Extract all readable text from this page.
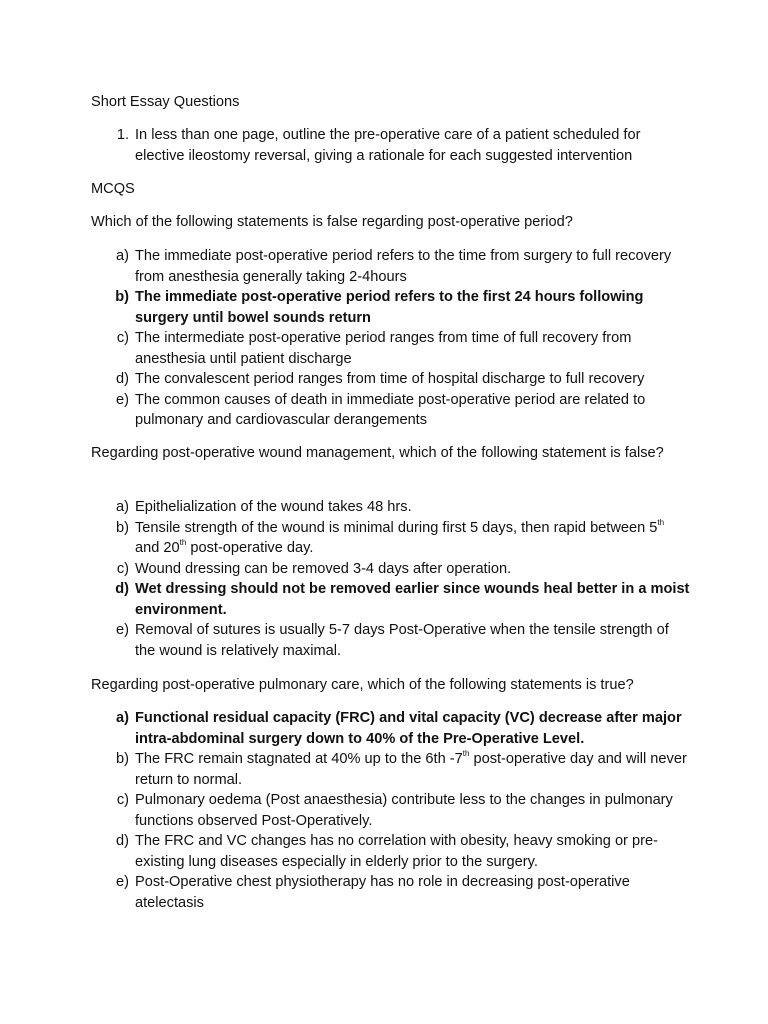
Short Essay Questions

1. In less than one page, outline the pre-operative care of a patient scheduled for elective ileostomy reversal, giving a rationale for each suggested intervention

MCQS

Which of the following statements is false regarding post-operative period?

a) The immediate post-operative period refers to the time from surgery to full recovery from anesthesia generally taking 2-4hours
b) The immediate post-operative period refers to the first 24 hours following surgery until bowel sounds return
c) The intermediate post-operative period ranges from time of full recovery from anesthesia until patient discharge
d) The convalescent period ranges from time of hospital discharge to full recovery
e) The common causes of death in immediate post-operative period are related to pulmonary and cardiovascular derangements

Regarding post-operative wound management, which of the following statement is false?

a) Epithelialization of the wound takes 48 hrs.
b) Tensile strength of the wound is minimal during first 5 days, then rapid between 5th and 20th post-operative day.
c) Wound dressing can be removed 3-4 days after operation.
d) Wet dressing should not be removed earlier since wounds heal better in a moist environment.
e) Removal of sutures is usually 5-7 days Post-Operative when the tensile strength of the wound is relatively maximal.

Regarding post-operative pulmonary care, which of the following statements is true?

a) Functional residual capacity (FRC) and vital capacity (VC) decrease after major intra-abdominal surgery down to 40% of the Pre-Operative Level.
b) The FRC remain stagnated at 40% up to the 6th -7th post-operative day and will never return to normal.
c) Pulmonary oedema (Post anaesthesia) contribute less to the changes in pulmonary functions observed Post-Operatively.
d) The FRC and VC changes has no correlation with obesity, heavy smoking or pre-existing lung diseases especially in elderly prior to the surgery.
e) Post-Operative chest physiotherapy has no role in decreasing post-operative atelectasis
